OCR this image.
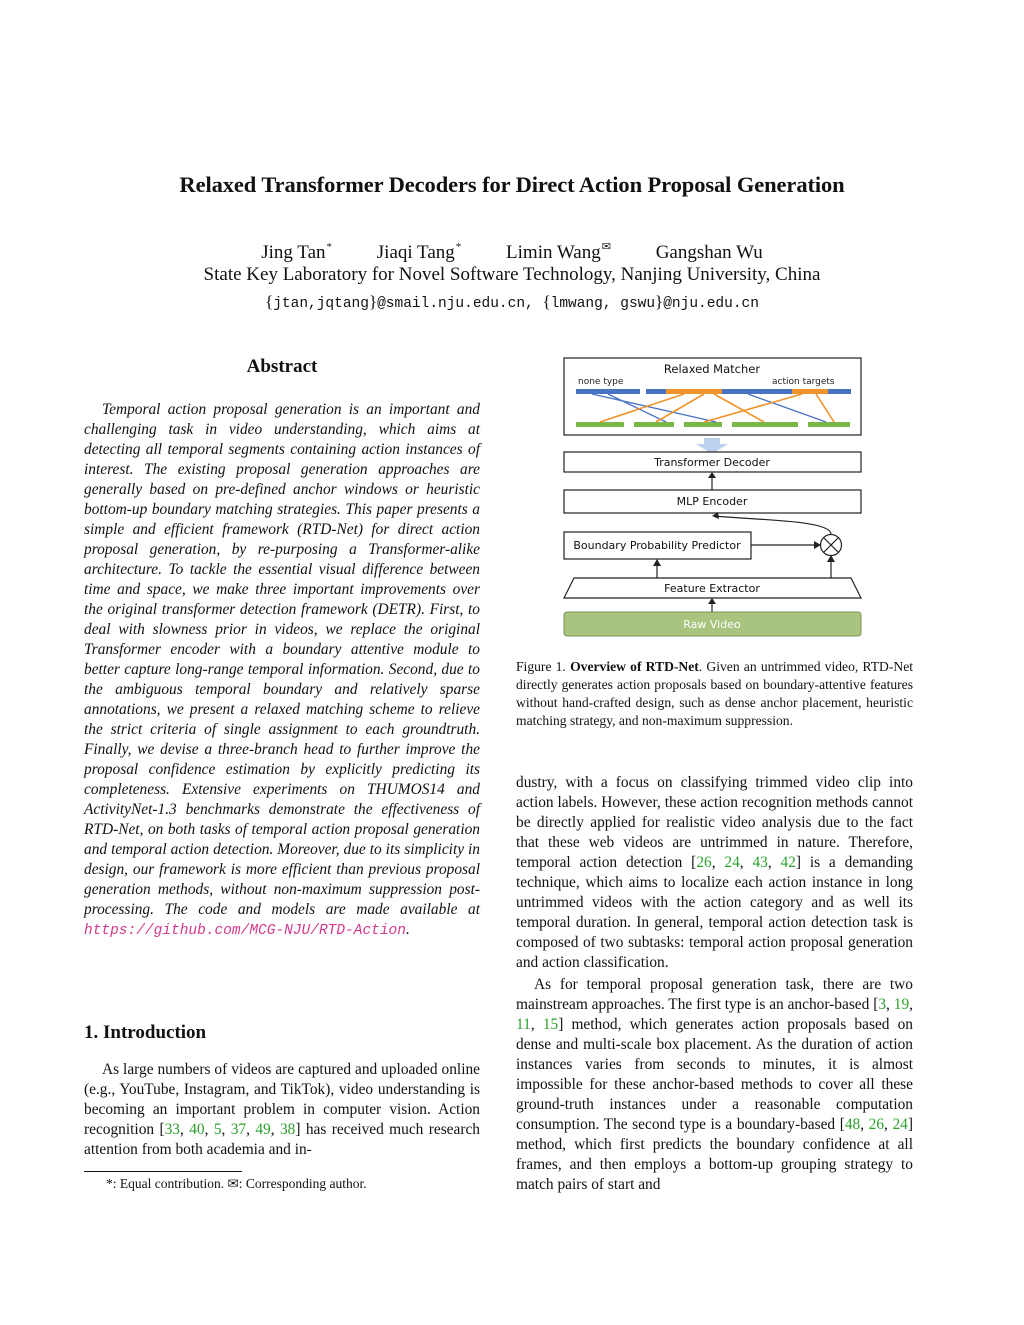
Relaxed Transformer Decoders for Direct Action Proposal Generation
Jing Tan* Jiaqi Tang* Limin Wang✉ Gangshan Wu
State Key Laboratory for Novel Software Technology, Nanjing University, China
{jtan,jqtang}@smail.nju.edu.cn, {lmwang, gswu}@nju.edu.cn
Abstract
Temporal action proposal generation is an important and challenging task in video understanding, which aims at detecting all temporal segments containing action instances of interest. The existing proposal generation approaches are generally based on pre-defined anchor windows or heuristic bottom-up boundary matching strategies. This paper presents a simple and efficient framework (RTD-Net) for direct action proposal generation, by re-purposing a Transformer-alike architecture. To tackle the essential visual difference between time and space, we make three important improvements over the original transformer detection framework (DETR). First, to deal with slowness prior in videos, we replace the original Transformer encoder with a boundary attentive module to better capture long-range temporal information. Second, due to the ambiguous temporal boundary and relatively sparse annotations, we present a relaxed matching scheme to relieve the strict criteria of single assignment to each groundtruth. Finally, we devise a three-branch head to further improve the proposal confidence estimation by explicitly predicting its completeness. Extensive experiments on THUMOS14 and ActivityNet-1.3 benchmarks demonstrate the effectiveness of RTD-Net, on both tasks of temporal action proposal generation and temporal action detection. Moreover, due to its simplicity in design, our framework is more efficient than previous proposal generation methods, without non-maximum suppression post-processing. The code and models are made available at https://github.com/MCG-NJU/RTD-Action.
1. Introduction
As large numbers of videos are captured and uploaded online (e.g., YouTube, Instagram, and TikTok), video understanding is becoming an important problem in computer vision. Action recognition [33, 40, 5, 37, 49, 38] has received much research attention from both academia and in-
*: Equal contribution. ✉: Corresponding author.
Relaxed Matcher
none type	action targets
Transformer Decoder
MLP Encoder
Boundary Probability Predictor
Feature Extractor
Raw Video
Figure 1. Overview of RTD-Net. Given an untrimmed video, RTD-Net directly generates action proposals based on boundary-attentive features without hand-crafted design, such as dense anchor placement, heuristic matching strategy, and non-maximum suppression.

dustry, with a focus on classifying trimmed video clip into action labels. However, these action recognition methods cannot be directly applied for realistic video analysis due to the fact that these web videos are untrimmed in nature. Therefore, temporal action detection [26, 24, 43, 42] is a demanding technique, which aims to localize each action instance in long untrimmed videos with the action category and as well its temporal duration. In general, temporal action detection task is composed of two subtasks: temporal action proposal generation and action classification.

As for temporal proposal generation task, there are two mainstream approaches. The first type is an anchor-based [3, 19, 11, 15] method, which generates action proposals based on dense and multi-scale box placement. As the duration of action instances varies from seconds to minutes, it is almost impossible for these anchor-based methods to cover all these ground-truth instances under a reasonable computation consumption. The second type is a boundary-based [48, 26, 24] method, which first predicts the boundary confidence at all frames, and then employs a bottom-up grouping strategy to match pairs of start and
